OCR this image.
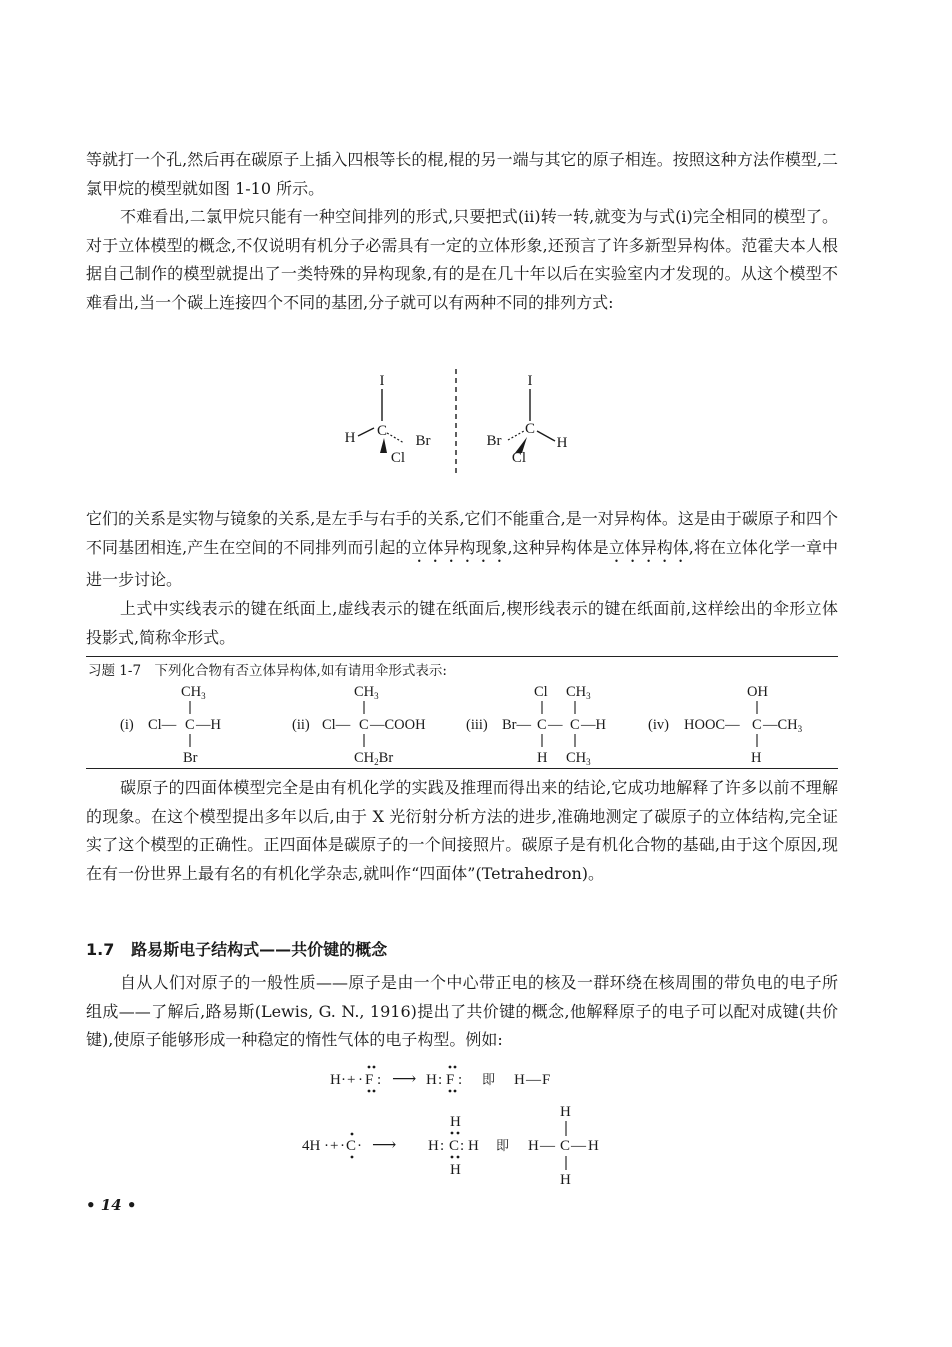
等就打一个孔,然后再在碳原子上插入四根等长的棍,棍的另一端与其它的原子相连。按照这种方法作模型,二氯甲烷的模型就如图 1-10 所示。

不难看出,二氯甲烷只能有一种空间排列的形式,只要把式(ii)转一转,就变为与式(i)完全相同的模型了。对于立体模型的概念,不仅说明有机分子必需具有一定的立体形象,还预言了许多新型异构体。范霍夫本人根据自己制作的模型就提出了一类特殊的异构现象,有的是在几十年以后在实验室内才发现的。从这个模型不难看出,当一个碳上连接四个不同的基团,分子就可以有两种不同的排列方式:

I
C
H	Br
Cl
I
C
Br	H
Cl

它们的关系是实物与镜象的关系,是左手与右手的关系,它们不能重合,是一对异构体。这是由于碳原子和四个不同基团相连,产生在空间的不同排列而引起的立体异构现象,这种异构体是立体异构体,将在立体化学一章中进一步讨论。

上式中实线表示的键在纸面上,虚线表示的键在纸面后,楔形线表示的键在纸面前,这样绘出的伞形立体投影式,简称伞形式。

习题 1-7　下列化合物有否立体异构体,如有请用伞形式表示:
(i)
$CH_3$
Cl— C —H
Br
(ii)
$CH_3$
Cl— C —COOH
$CH_2Br$
(iii)
Cl $CH_3$
Br— C — C —H
H $CH_3$
(iv)
OH
HOOC— C $—CH_3$
H

碳原子的四面体模型完全是由有机化学的实践及推理而得出来的结论,它成功地解释了许多以前不理解的现象。在这个模型提出多年以后,由于 X 光衍射分析方法的进步,准确地测定了碳原子的立体结构,完全证实了这个模型的正确性。正四面体是碳原子的一个间接照片。碳原子是有机化合物的基础,由于这个原因,现在有一份世界上最有名的有机化学杂志,就叫作“四面体”(Tetrahedron)。

1.7 路易斯电子结构式——共价键的概念

自从人们对原子的一般性质——原子是由一个中心带正电的核及一群环绕在核周围的带负电的电子所组成——了解后,路易斯(Lewis, G. N., 1916)提出了共价键的概念,他解释原子的电子可以配对成键(共价键),使原子能够形成一种稳定的惰性气体的电子构型。例如:

H · + · F : ⟶ H : F : 即 H — F
4H · + · C · ⟶
H
H : C : H
H
即
H
H — C — H
H
• 14 •
